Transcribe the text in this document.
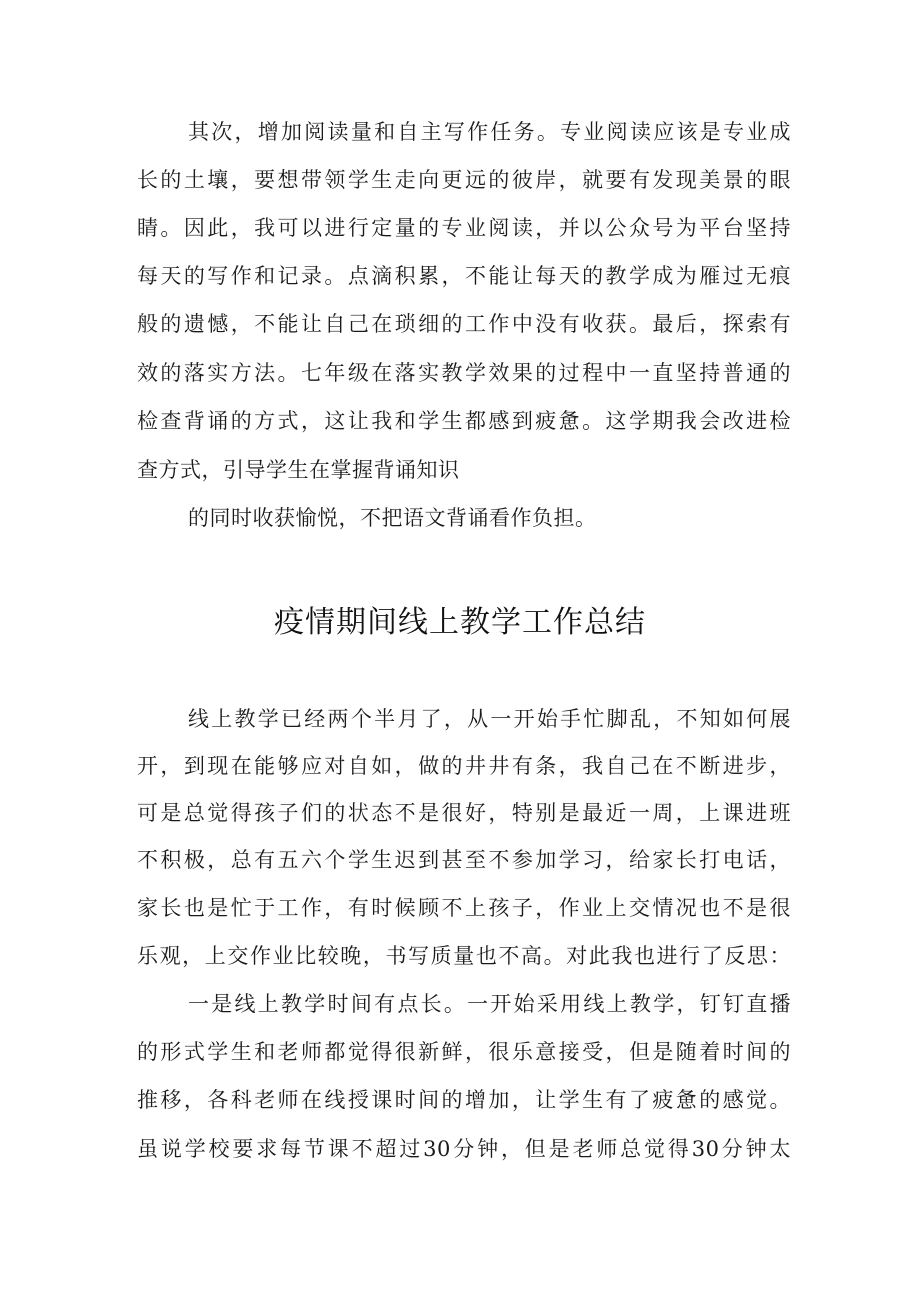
其次，增加阅读量和自主写作任务。专业阅读应该是专业成
长的土壤，要想带领学生走向更远的彼岸，就要有发现美景的眼
睛。因此，我可以进行定量的专业阅读，并以公众号为平台坚持
每天的写作和记录。点滴积累，不能让每天的教学成为雁过无痕
般的遗憾，不能让自己在琐细的工作中没有收获。最后，探索有
效的落实方法。七年级在落实教学效果的过程中一直坚持普通的
检查背诵的方式，这让我和学生都感到疲惫。这学期我会改进检
查方式，引导学生在掌握背诵知识
的同时收获愉悦，不把语文背诵看作负担。
疫情期间线上教学工作总结
线上教学已经两个半月了，从一开始手忙脚乱，不知如何展
开，到现在能够应对自如，做的井井有条，我自己在不断进步，
可是总觉得孩子们的状态不是很好，特别是最近一周，上课进班
不积极，总有五六个学生迟到甚至不参加学习，给家长打电话，
家长也是忙于工作，有时候顾不上孩子，作业上交情况也不是很
乐观，上交作业比较晚，书写质量也不高。对此我也进行了反思：
一是线上教学时间有点长。一开始采用线上教学，钉钉直播
的形式学生和老师都觉得很新鲜，很乐意接受，但是随着时间的
推移，各科老师在线授课时间的增加，让学生有了疲惫的感觉。
虽说学校要求每节课不超过30分钟，但是老师总觉得30分钟太
